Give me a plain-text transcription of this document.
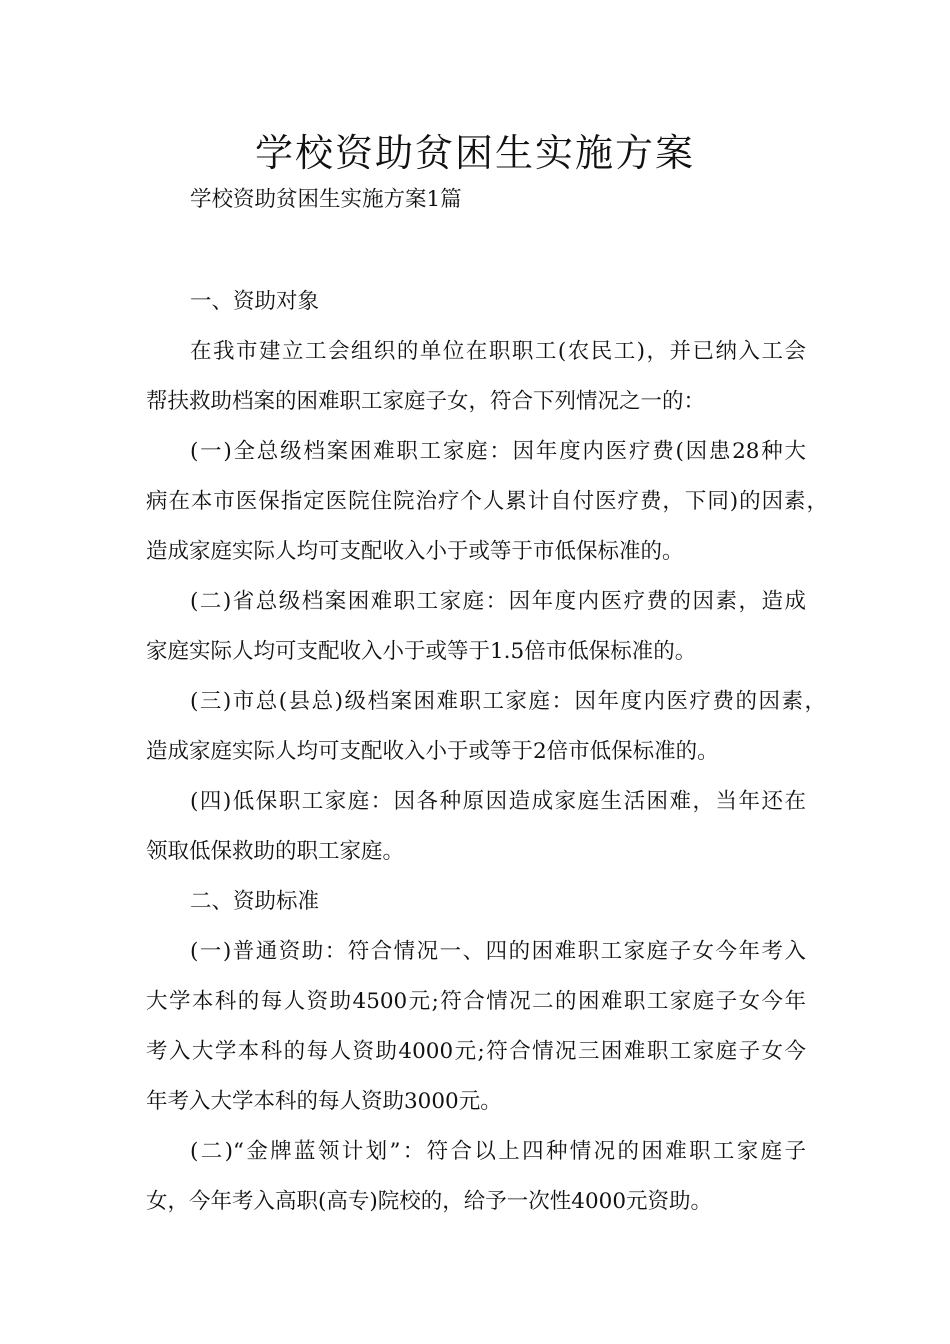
学校资助贫困生实施方案

学校资助贫困生实施方案1篇

一、资助对象

在我市建立工会组织的单位在职职工(农民工)，并已纳入工会

帮扶救助档案的困难职工家庭子女，符合下列情况之一的：

(一)全总级档案困难职工家庭：因年度内医疗费(因患28种大

病在本市医保指定医院住院治疗个人累计自付医疗费，下同)的因素，

造成家庭实际人均可支配收入小于或等于市低保标准的。

(二)省总级档案困难职工家庭：因年度内医疗费的因素，造成

家庭实际人均可支配收入小于或等于1.5倍市低保标准的。

(三)市总(县总)级档案困难职工家庭：因年度内医疗费的因素，

造成家庭实际人均可支配收入小于或等于2倍市低保标准的。

(四)低保职工家庭：因各种原因造成家庭生活困难，当年还在

领取低保救助的职工家庭。

二、资助标准

(一)普通资助：符合情况一、四的困难职工家庭子女今年考入

大学本科的每人资助4500元;符合情况二的困难职工家庭子女今年

考入大学本科的每人资助4000元;符合情况三困难职工家庭子女今

年考入大学本科的每人资助3000元。

(二)“金牌蓝领计划”：符合以上四种情况的困难职工家庭子

女，今年考入高职(高专)院校的，给予一次性4000元资助。
